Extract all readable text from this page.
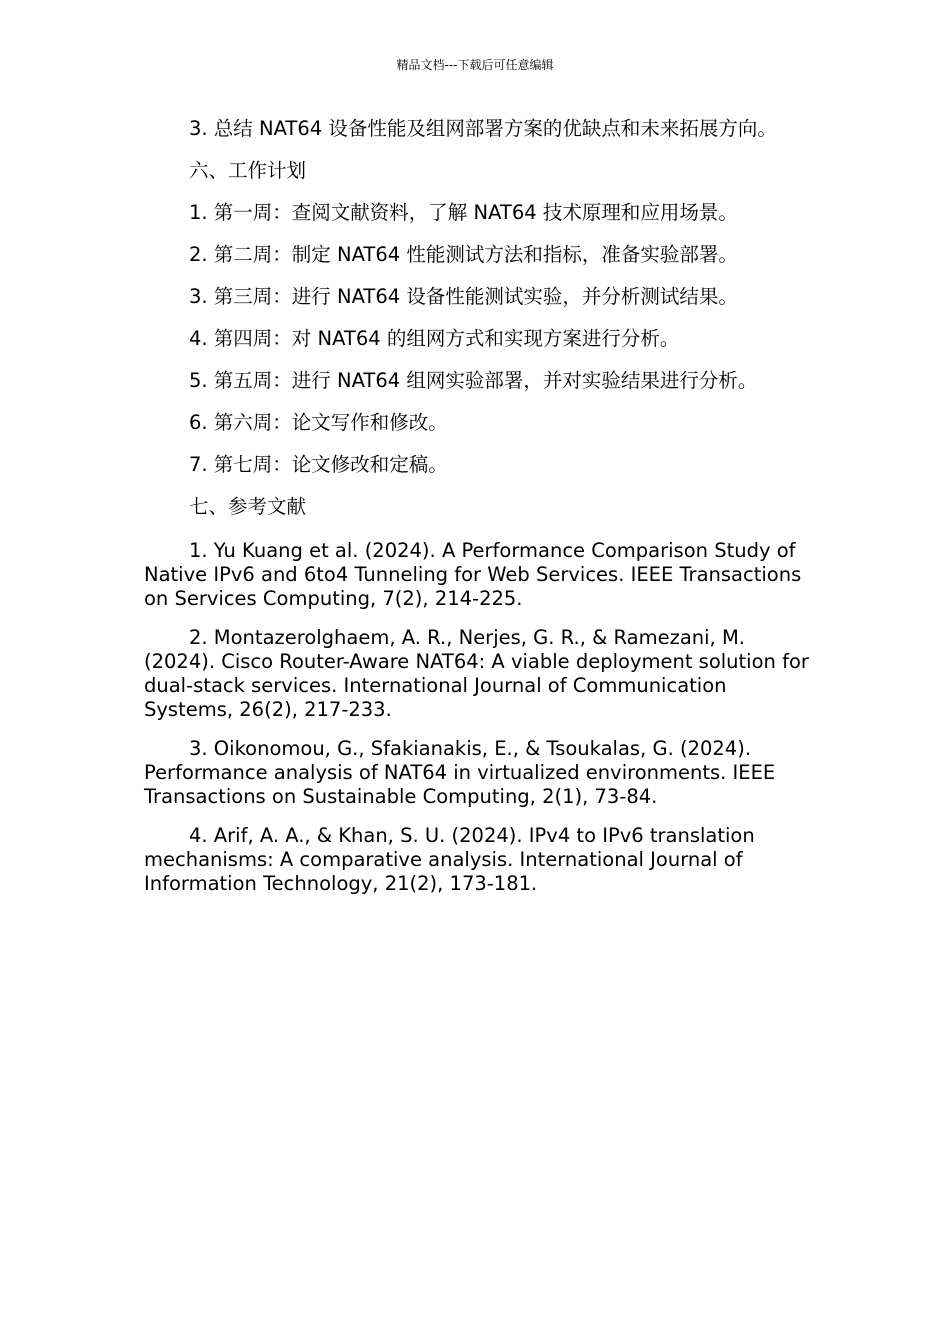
精品文档---下载后可任意编辑

3. 总结 NAT64 设备性能及组网部署方案的优缺点和未来拓展方向。

六、工作计划

1. 第一周：查阅文献资料，了解 NAT64 技术原理和应用场景。

2. 第二周：制定 NAT64 性能测试方法和指标，准备实验部署。

3. 第三周：进行 NAT64 设备性能测试实验，并分析测试结果。

4. 第四周：对 NAT64 的组网方式和实现方案进行分析。

5. 第五周：进行 NAT64 组网实验部署，并对实验结果进行分析。

6. 第六周：论文写作和修改。

7. 第七周：论文修改和定稿。

七、参考文献

1. Yu Kuang et al. (2024). A Performance Comparison Study of Native IPv6 and 6to4 Tunneling for Web Services. IEEE Transactions on Services Computing, 7(2), 214-225.

2. Montazerolghaem, A. R., Nerjes, G. R., & Ramezani, M. (2024). Cisco Router-Aware NAT64: A viable deployment solution for dual-stack services. International Journal of Communication Systems, 26(2), 217-233.

3. Oikonomou, G., Sfakianakis, E., & Tsoukalas, G. (2024). Performance analysis of NAT64 in virtualized environments. IEEE Transactions on Sustainable Computing, 2(1), 73-84.

4. Arif, A. A., & Khan, S. U. (2024). IPv4 to IPv6 translation mechanisms: A comparative analysis. International Journal of Information Technology, 21(2), 173-181.
